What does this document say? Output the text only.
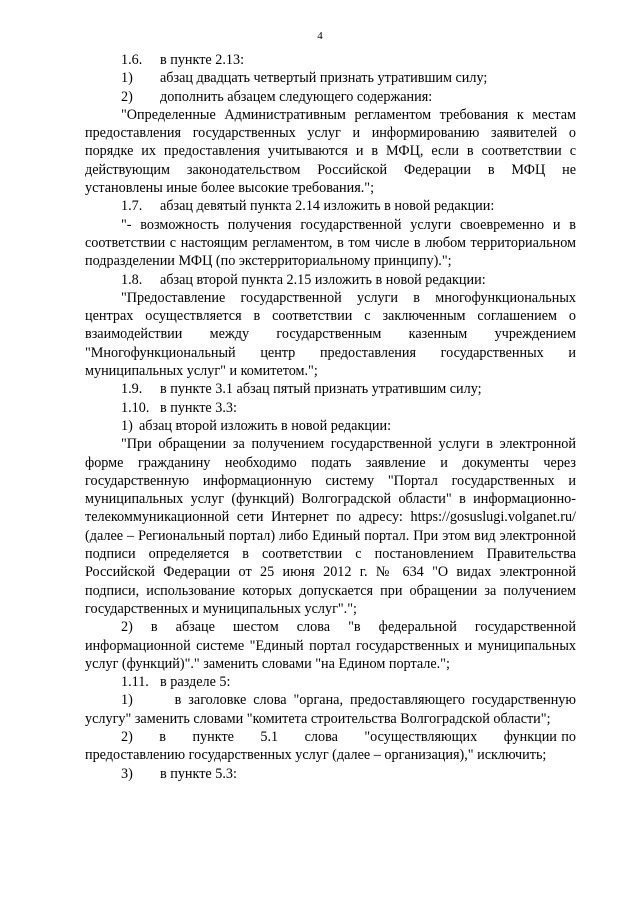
4
1.6.	в пункте 2.13:
1)	абзац двадцать четвертый признать утратившим силу;
2)	дополнить абзацем следующего содержания:

"Определенные Административным регламентом требования к местам предоставления государственных услуг и информированию заявителей о порядке их предоставления учитываются и в МФЦ, если в соответствии с действующим законодательством Российской Федерации в МФЦ не установлены иные более высокие требования.";

1.7.	абзац девятый пункта 2.14 изложить в новой редакции:

"- возможность получения государственной услуги своевременно и в соответствии с настоящим регламентом, в том числе в любом территориальном подразделении МФЦ (по экстерриториальному принципу).";

1.8.	абзац второй пункта 2.15 изложить в новой редакции:

"Предоставление государственной услуги в многофункциональных центрах осуществляется в соответствии с заключенным соглашением о взаимодействии между государственным казенным учреждением "Многофункциональный центр предоставления государственных и муниципальных услуг" и комитетом.";

1.9.	в пункте 3.1 абзац пятый признать утратившим силу;
1.10. в пункте 3.3:
1) абзац второй изложить в новой редакции:

"При обращении за получением государственной услуги в электронной форме гражданину необходимо подать заявление и документы через государственную информационную систему "Портал государственных и муниципальных услуг (функций) Волгоградской области" в информационно-телекоммуникационной сети Интернет по адресу: https://gosuslugi.volganet.ru/ (далее – Региональный портал) либо Единый портал. При этом вид электронной подписи определяется в соответствии с постановлением Правительства Российской Федерации от 25 июня 2012 г. № 634 "О видах электронной подписи, использование которых допускается при обращении за получением государственных и муниципальных услуг".";

2) в абзаце шестом слова "в федеральной государственной информационной системе "Единый портал государственных и муниципальных услуг (функций)"." заменить словами "на Едином портале.";

1.11. в разделе 5:

1)      в заголовке слова "органа, предоставляющего государственную услугу" заменить словами "комитета строительства Волгоградской области";

2)      в      пункте      5.1      слова      "осуществляющих      функции по предоставлению государственных услуг (далее – организация)," исключить;

3)	в пункте 5.3:
